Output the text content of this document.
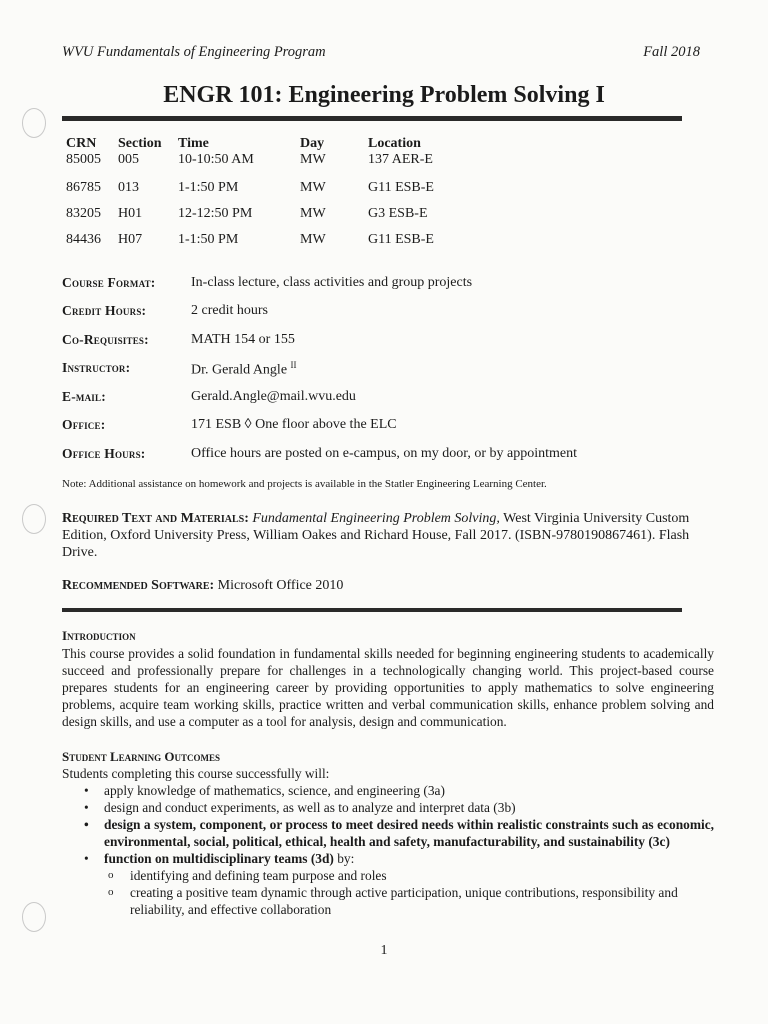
WVU Fundamentals of Engineering Program	Fall 2018
ENGR 101: Engineering Problem Solving I
CRN	Section	Time	Day	Location
85005	005	10-10:50 AM	MW	137 AER-E
86785	013	1-1:50 PM	MW	G11 ESB-E
83205	H01	12-12:50 PM	MW	G3 ESB-E
84436	H07	1-1:50 PM	MW	G11 ESB-E
Course Format:	In-class lecture, class activities and group projects
Credit Hours:	2 credit hours
Co-Requisites:	MATH 154 or 155
Instructor:	Dr. Gerald Angle $^{II}$
E-mail:	Gerald.Angle@mail.wvu.edu
Office:	171 ESB ◊ One floor above the ELC
Office Hours:	Office hours are posted on e-campus, on my door, or by appointment
Note: Additional assistance on homework and projects is available in the Statler Engineering Learning Center.
Required Text and Materials: Fundamental Engineering Problem Solving, West Virginia University Custom Edition, Oxford University Press, William Oakes and Richard House, Fall 2017. (ISBN-9780190867461). Flash Drive.
Recommended Software: Microsoft Office 2010
Introduction
This course provides a solid foundation in fundamental skills needed for beginning engineering students to academically succeed and professionally prepare for challenges in a technologically changing world. This project-based course prepares students for an engineering career by providing opportunities to apply mathematics to solve engineering problems, acquire team working skills, practice written and verbal communication skills, enhance problem solving and design skills, and use a computer as a tool for analysis, design and communication.
Student Learning Outcomes
Students completing this course successfully will:
• apply knowledge of mathematics, science, and engineering (3a)
• design and conduct experiments, as well as to analyze and interpret data (3b)
• design a system, component, or process to meet desired needs within realistic constraints such as economic, environmental, social, political, ethical, health and safety, manufacturability, and sustainability (3c)
• function on multidisciplinary teams (3d) by:
o identifying and defining team purpose and roles
o creating a positive team dynamic through active participation, unique contributions, responsibility and reliability, and effective collaboration
1
